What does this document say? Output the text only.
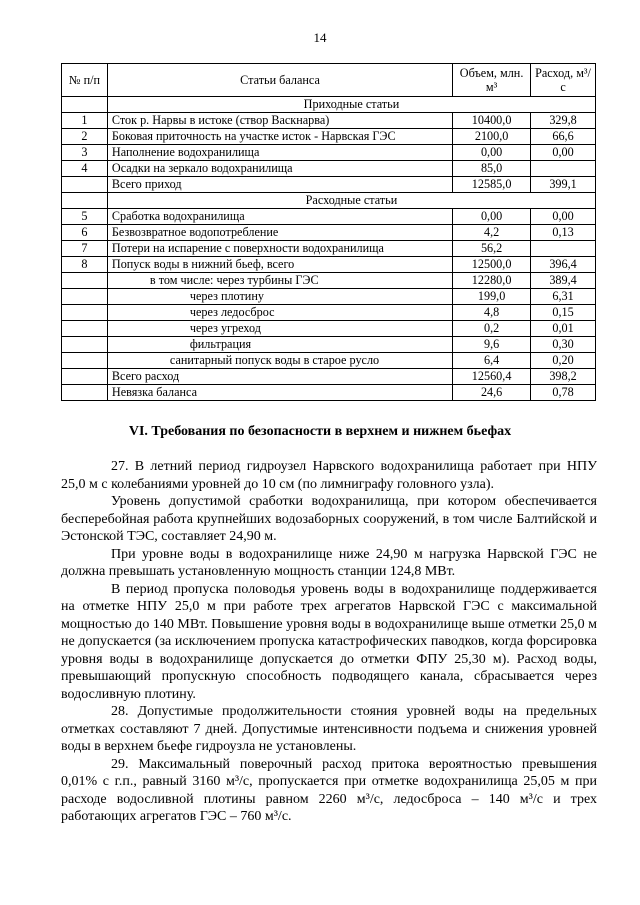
14
№ п/п	Статьи баланса	Объем, млн. м³	Расход, м³/с
	Приходные статьи		
1	Сток р. Нарвы в истоке (створ Васкнарва)	10400,0	329,8
2	Боковая приточность на участке исток - Нарвская ГЭС	2100,0	66,6
3	Наполнение водохранилища	0,00	0,00
4	Осадки на зеркало водохранилища	85,0	
	Всего приход	12585,0	399,1
	Расходные статьи		
5	Сработка водохранилища	0,00	0,00
6	Безвозвратное водопотребление	4,2	0,13
7	Потери на испарение с поверхности водохранилища	56,2	
8	Попуск воды в нижний бьеф, всего	12500,0	396,4
	в том числе: через турбины ГЭС	12280,0	389,4
	через плотину	199,0	6,31
	через ледосброс	4,8	0,15
	через угреход	0,2	0,01
	фильтрация	9,6	0,30
	санитарный попуск воды в старое русло	6,4	0,20
	Всего расход	12560,4	398,2
	Невязка баланса	24,6	0,78
VI. Требования по безопасности в верхнем и нижнем бьефах

27. В летний период гидроузел Нарвского водохранилища работает при НПУ 25,0 м с колебаниями уровней до 10 см (по лимниграфу головного узла).

Уровень допустимой сработки водохранилища, при котором обеспечивается бесперебойная работа крупнейших водозаборных сооружений, в том числе Балтийской и Эстонской ТЭС, составляет 24,90 м.

При уровне воды в водохранилище ниже 24,90 м нагрузка Нарвской ГЭС не должна превышать установленную мощность станции 124,8 МВт.

В период пропуска половодья уровень воды в водохранилище поддерживается на отметке НПУ 25,0 м при работе трех агрегатов Нарвской ГЭС с максимальной мощностью до 140 МВт. Повышение уровня воды в водохранилище выше отметки 25,0 м не допускается (за исключением пропуска катастрофических паводков, когда форсировка уровня воды в водохранилище допускается до отметки ФПУ 25,30 м). Расход воды, превышающий пропускную способность подводящего канала, сбрасывается через водосливную плотину.

28. Допустимые продолжительности стояния уровней воды на предельных отметках составляют 7 дней. Допустимые интенсивности подъема и снижения уровней воды в верхнем бьефе гидроузла не установлены.

29. Максимальный поверочный расход притока вероятностью превышения 0,01% с г.п., равный 3160 м³/с, пропускается при отметке водохранилища 25,05 м при расходе водосливной плотины равном 2260 м³/с, ледосброса – 140 м³/с и трех работающих агрегатов ГЭС – 760 м³/с.
